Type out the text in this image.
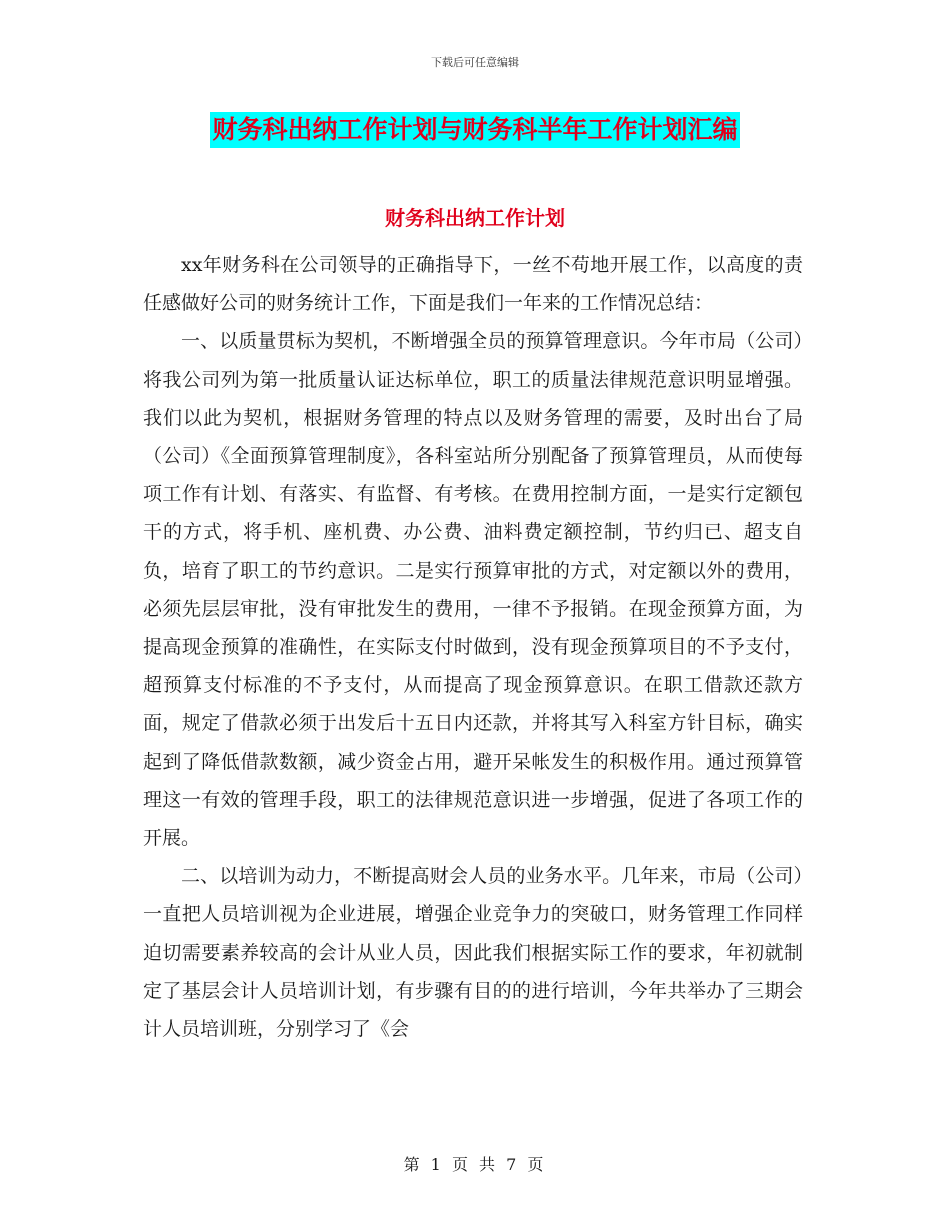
下载后可任意编辑
财务科出纳工作计划与财务科半年工作计划汇编
财务科出纳工作计划

xx年财务科在公司领导的正确指导下，一丝不苟地开展工作，以高度的责任感做好公司的财务统计工作，下面是我们一年来的工作情况总结：

一、以质量贯标为契机，不断增强全员的预算管理意识。今年市局（公司）将我公司列为第一批质量认证达标单位，职工的质量法律规范意识明显增强。我们以此为契机，根据财务管理的特点以及财务管理的需要，及时出台了局（公司）《全面预算管理制度》，各科室站所分别配备了预算管理员，从而使每项工作有计划、有落实、有监督、有考核。在费用控制方面，一是实行定额包干的方式，将手机、座机费、办公费、油料费定额控制，节约归已、超支自负，培育了职工的节约意识。二是实行预算审批的方式，对定额以外的费用，必须先层层审批，没有审批发生的费用，一律不予报销。在现金预算方面，为提高现金预算的准确性，在实际支付时做到，没有现金预算项目的不予支付，超预算支付标准的不予支付，从而提高了现金预算意识。在职工借款还款方面，规定了借款必须于出发后十五日内还款，并将其写入科室方针目标，确实起到了降低借款数额，减少资金占用，避开呆帐发生的积极作用。通过预算管理这一有效的管理手段，职工的法律规范意识进一步增强，促进了各项工作的开展。

二、以培训为动力，不断提高财会人员的业务水平。几年来，市局（公司）一直把人员培训视为企业进展，增强企业竞争力的突破口，财务管理工作同样迫切需要素养较高的会计从业人员，因此我们根据实际工作的要求，年初就制定了基层会计人员培训计划，有步骤有目的的进行培训，今年共举办了三期会计人员培训班，分别学习了《会

第 1 页 共 7 页
